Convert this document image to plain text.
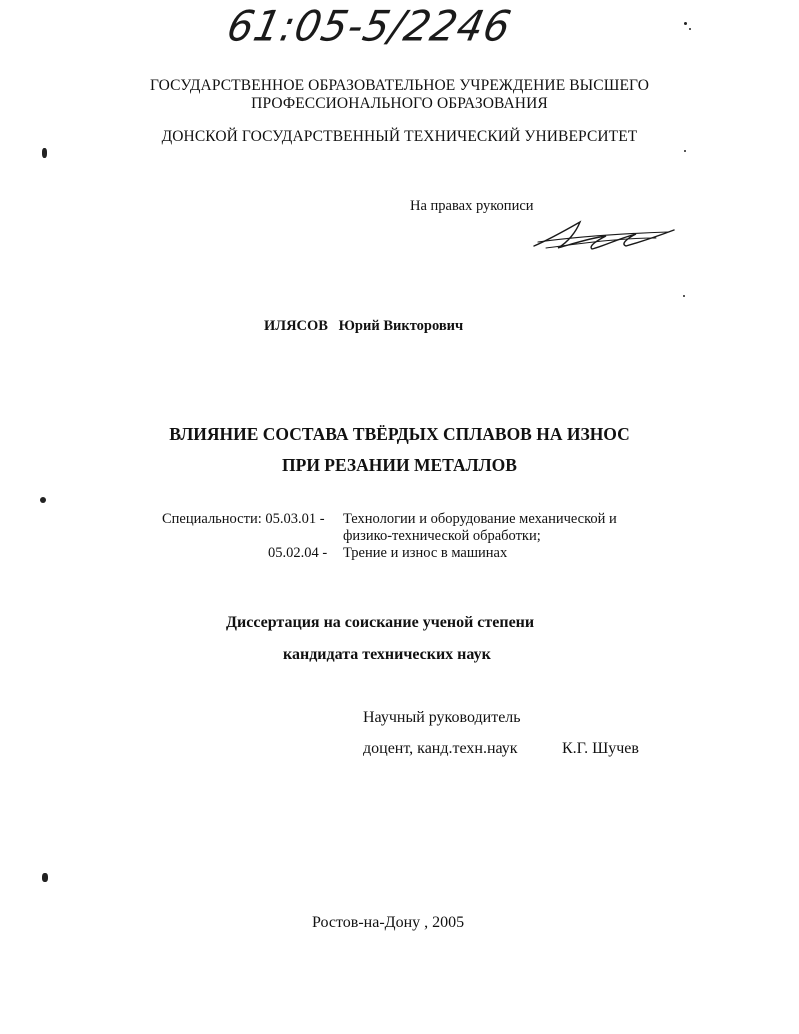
61:05-5/2246
ГОСУДАРСТВЕННОЕ ОБРАЗОВАТЕЛЬНОЕ УЧРЕЖДЕНИЕ ВЫСШЕГО
ПРОФЕССИОНАЛЬНОГО ОБРАЗОВАНИЯ
ДОНСКОЙ ГОСУДАРСТВЕННЫЙ ТЕХНИЧЕСКИЙ УНИВЕРСИТЕТ
На правах рукописи
ИЛЯСОВ Юрий Викторович
ВЛИЯНИЕ СОСТАВА ТВЁРДЫХ СПЛАВОВ НА ИЗНОС
ПРИ РЕЗАНИИ МЕТАЛЛОВ
Специальности: 05.03.01 - Технологии и оборудование механической и
физико-технической обработки;
05.02.04 - Трение и износ в машинах
Диссертация на соискание ученой степени
кандидата технических наук
Научный руководитель
доцент, канд.техн.наук	К.Г. Шучев
Ростов-на-Дону , 2005
